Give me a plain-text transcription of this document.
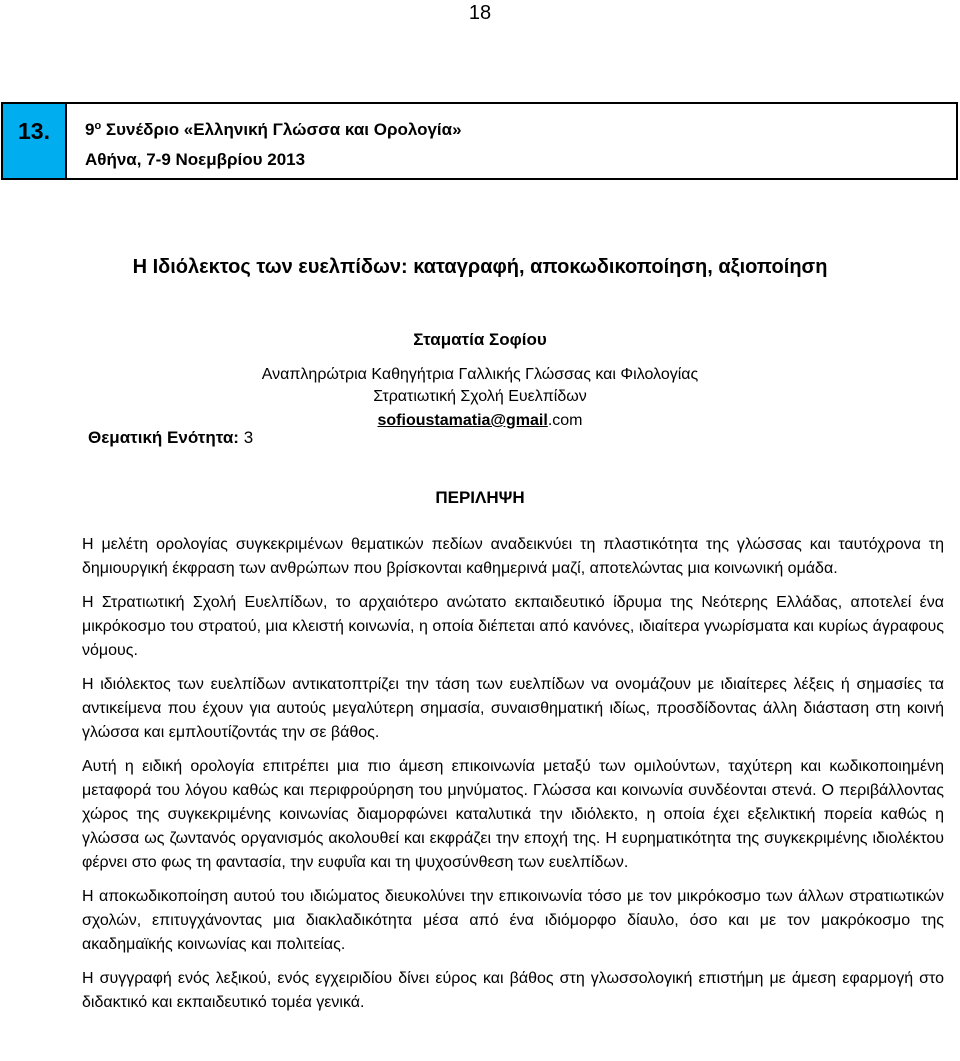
18
13.	$9^o$ Συνέδριο «Ελληνική Γλώσσα και Ορολογία»
Αθήνα, 7-9 Νοεμβρίου 2013
Η Ιδιόλεκτος των ευελπίδων: καταγραφή, αποκωδικοποίηση, αξιοποίηση
Σταματία Σοφίου
Αναπληρώτρια Καθηγήτρια Γαλλικής Γλώσσας και Φιλολογίας
Στρατιωτική Σχολή Ευελπίδων
sofioustamatia@gmail.com
Θεματική Ενότητα: 3
ΠΕΡΙΛΗΨΗ

Η μελέτη ορολογίας συγκεκριμένων θεματικών πεδίων αναδεικνύει τη πλαστικότητα της γλώσσας και ταυτόχρονα τη δημιουργική έκφραση των ανθρώπων που βρίσκονται καθημερινά μαζί, αποτελώντας μια κοινωνική ομάδα.

Η Στρατιωτική Σχολή Ευελπίδων, το αρχαιότερο ανώτατο εκπαιδευτικό ίδρυμα της Νεότερης Ελλάδας, αποτελεί ένα μικρόκοσμο του στρατού, μια κλειστή κοινωνία, η οποία διέπεται από κανόνες, ιδιαίτερα γνωρίσματα και κυρίως άγραφους νόμους.

Η ιδιόλεκτος των ευελπίδων αντικατοπτρίζει την τάση των ευελπίδων να ονομάζουν με ιδιαίτερες λέξεις ή σημασίες τα αντικείμενα που έχουν για αυτούς μεγαλύτερη σημασία, συναισθηματική ιδίως, προσδίδοντας άλλη διάσταση στη κοινή γλώσσα και εμπλουτίζοντάς την σε βάθος.

Αυτή η ειδική ορολογία επιτρέπει μια πιο άμεση επικοινωνία μεταξύ των ομιλούντων, ταχύτερη και κωδικοποιημένη μεταφορά του λόγου καθώς και περιφρούρηση του μηνύματος. Γλώσσα και κοινωνία συνδέονται στενά. Ο περιβάλλοντας χώρος της συγκεκριμένης κοινωνίας διαμορφώνει καταλυτικά την ιδιόλεκτο, η οποία έχει εξελικτική πορεία καθώς η γλώσσα ως ζωντανός οργανισμός ακολουθεί και εκφράζει την εποχή της. Η ευρηματικότητα της συγκεκριμένης ιδιολέκτου φέρνει στο φως τη φαντασία, την ευφυΐα και τη ψυχοσύνθεση των ευελπίδων.

Η αποκωδικοποίηση αυτού του ιδιώματος διευκολύνει την επικοινωνία τόσο με τον μικρόκοσμο των άλλων στρατιωτικών σχολών, επιτυγχάνοντας μια διακλαδικότητα μέσα από ένα ιδιόμορφο δίαυλο, όσο και με τον μακρόκοσμο της ακαδημαϊκής κοινωνίας και πολιτείας.

Η συγγραφή ενός λεξικού, ενός εγχειριδίου δίνει εύρος και βάθος στη γλωσσολογική επιστήμη με άμεση εφαρμογή στο διδακτικό και εκπαιδευτικό τομέα γενικά.
